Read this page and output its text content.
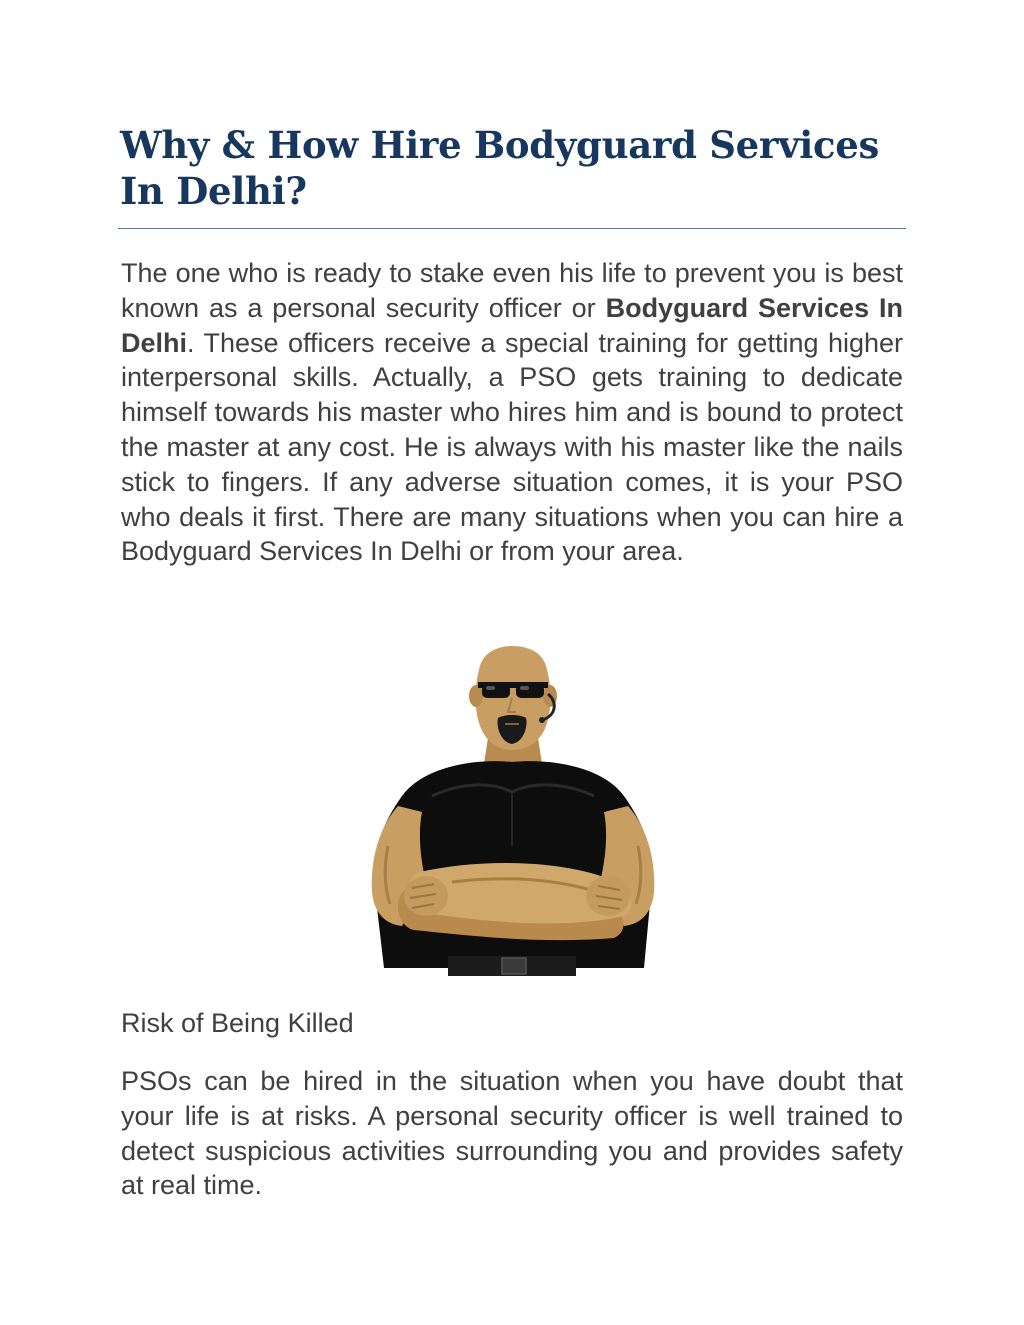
Why & How Hire Bodyguard Services In Delhi?

The one who is ready to stake even his life to prevent you is best known as a personal security officer or Bodyguard Services In Delhi. These officers receive a special training for getting higher interpersonal skills. Actually, a PSO gets training to dedicate himself towards his master who hires him and is bound to protect the master at any cost. He is always with his master like the nails stick to fingers. If any adverse situation comes, it is your PSO who deals it first. There are many situations when you can hire a Bodyguard Services In Delhi or from your area.

Risk of Being Killed

PSOs can be hired in the situation when you have doubt that your life is at risks. A personal security officer is well trained to detect suspicious activities surrounding you and provides safety at real time.
